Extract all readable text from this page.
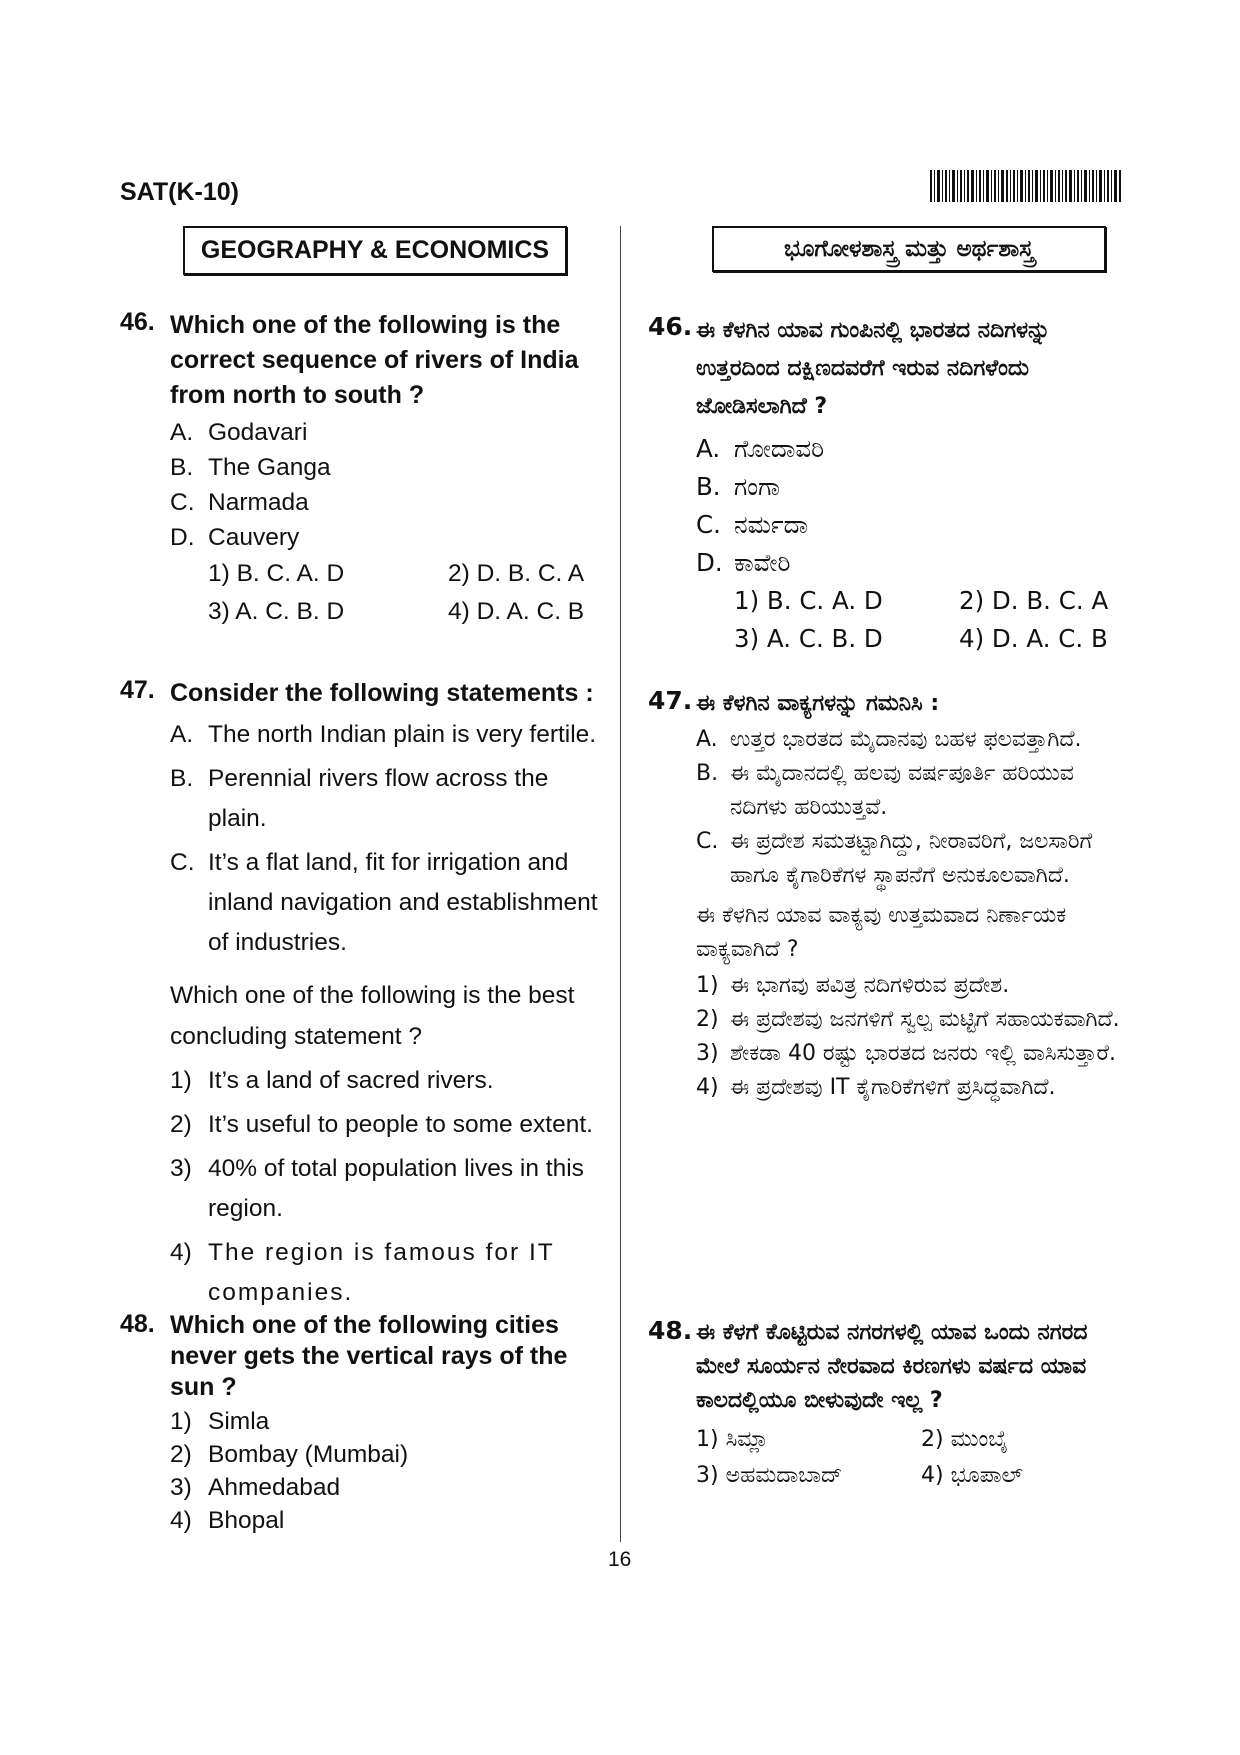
SAT(K-10)
GEOGRAPHY & ECONOMICS	ಭೂಗೋಳಶಾಸ್ತ್ರ ಮತ್ತು ಅರ್ಥಶಾಸ್ತ್ರ
46. Which one of the following is the correct sequence of rivers of India from north to south ?
A. Godavari
B. The Ganga
C. Narmada
D. Cauvery
1) B. C. A. D	2) D. B. C. A
3) A. C. B. D	4) D. A. C. B
47. Consider the following statements :
A. The north Indian plain is very fertile.
B. Perennial rivers flow across the plain.
C. It’s a flat land, fit for irrigation and inland navigation and establishment of industries.
Which one of the following is the best concluding statement ?
1) It’s a land of sacred rivers.
2) It’s useful to people to some extent.
3) 40% of total population lives in this region.
4) The region is famous for IT companies.
48. Which one of the following cities never gets the vertical rays of the sun ?
1) Simla
2) Bombay (Mumbai)
3) Ahmedabad
4) Bhopal
46. ಈ ಕೆಳಗಿನ ಯಾವ ಗುಂಪಿನಲ್ಲಿ ಭಾರತದ ನದಿಗಳನ್ನು ಉತ್ತರದಿಂದ ದಕ್ಷಿಣದವರೆಗೆ ಇರುವ ನದಿಗಳೆಂದು ಜೋಡಿಸಲಾಗಿದೆ ?
A. ಗೋದಾವರಿ
B. ಗಂಗಾ
C. ನರ್ಮದಾ
D. ಕಾವೇರಿ
1) B. C. A. D	2) D. B. C. A
3) A. C. B. D	4) D. A. C. B
47. ಈ ಕೆಳಗಿನ ವಾಕ್ಯಗಳನ್ನು ಗಮನಿಸಿ :
A. ಉತ್ತರ ಭಾರತದ ಮೈದಾನವು ಬಹಳ ಫಲವತ್ತಾಗಿದೆ.
B. ಈ ಮೈದಾನದಲ್ಲಿ ಹಲವು ವರ್ಷಪೂರ್ತಿ ಹರಿಯುವ ನದಿಗಳು ಹರಿಯುತ್ತವೆ.
C. ಈ ಪ್ರದೇಶ ಸಮತಟ್ಟಾಗಿದ್ದು, ನೀರಾವರಿಗೆ, ಜಲಸಾರಿಗೆ ಹಾಗೂ ಕೈಗಾರಿಕೆಗಳ ಸ್ಥಾಪನೆಗೆ ಅನುಕೂಲವಾಗಿದೆ.
ಈ ಕೆಳಗಿನ ಯಾವ ವಾಕ್ಯವು ಉತ್ತಮವಾದ ನಿರ್ಣಾಯಕ ವಾಕ್ಯವಾಗಿದೆ ?
1) ಈ ಭಾಗವು ಪವಿತ್ರ ನದಿಗಳಿರುವ ಪ್ರದೇಶ.
2) ಈ ಪ್ರದೇಶವು ಜನಗಳಿಗೆ ಸ್ವಲ್ಪ ಮಟ್ಟಿಗೆ ಸಹಾಯಕವಾಗಿದೆ.
3) ಶೇಕಡಾ 40 ರಷ್ಟು ಭಾರತದ ಜನರು ಇಲ್ಲಿ ವಾಸಿಸುತ್ತಾರೆ.
4) ಈ ಪ್ರದೇಶವು IT ಕೈಗಾರಿಕೆಗಳಿಗೆ ಪ್ರಸಿದ್ಧವಾಗಿದೆ.
48. ಈ ಕೆಳಗೆ ಕೊಟ್ಟಿರುವ ನಗರಗಳಲ್ಲಿ ಯಾವ ಒಂದು ನಗರದ ಮೇಲೆ ಸೂರ್ಯನ ನೇರವಾದ ಕಿರಣಗಳು ವರ್ಷದ ಯಾವ ಕಾಲದಲ್ಲಿಯೂ ಬೀಳುವುದೇ ಇಲ್ಲ ?
1) ಸಿಮ್ಲಾ	2) ಮುಂಬೈ
3) ಅಹಮದಾಬಾದ್	4) ಭೂಪಾಲ್
16
